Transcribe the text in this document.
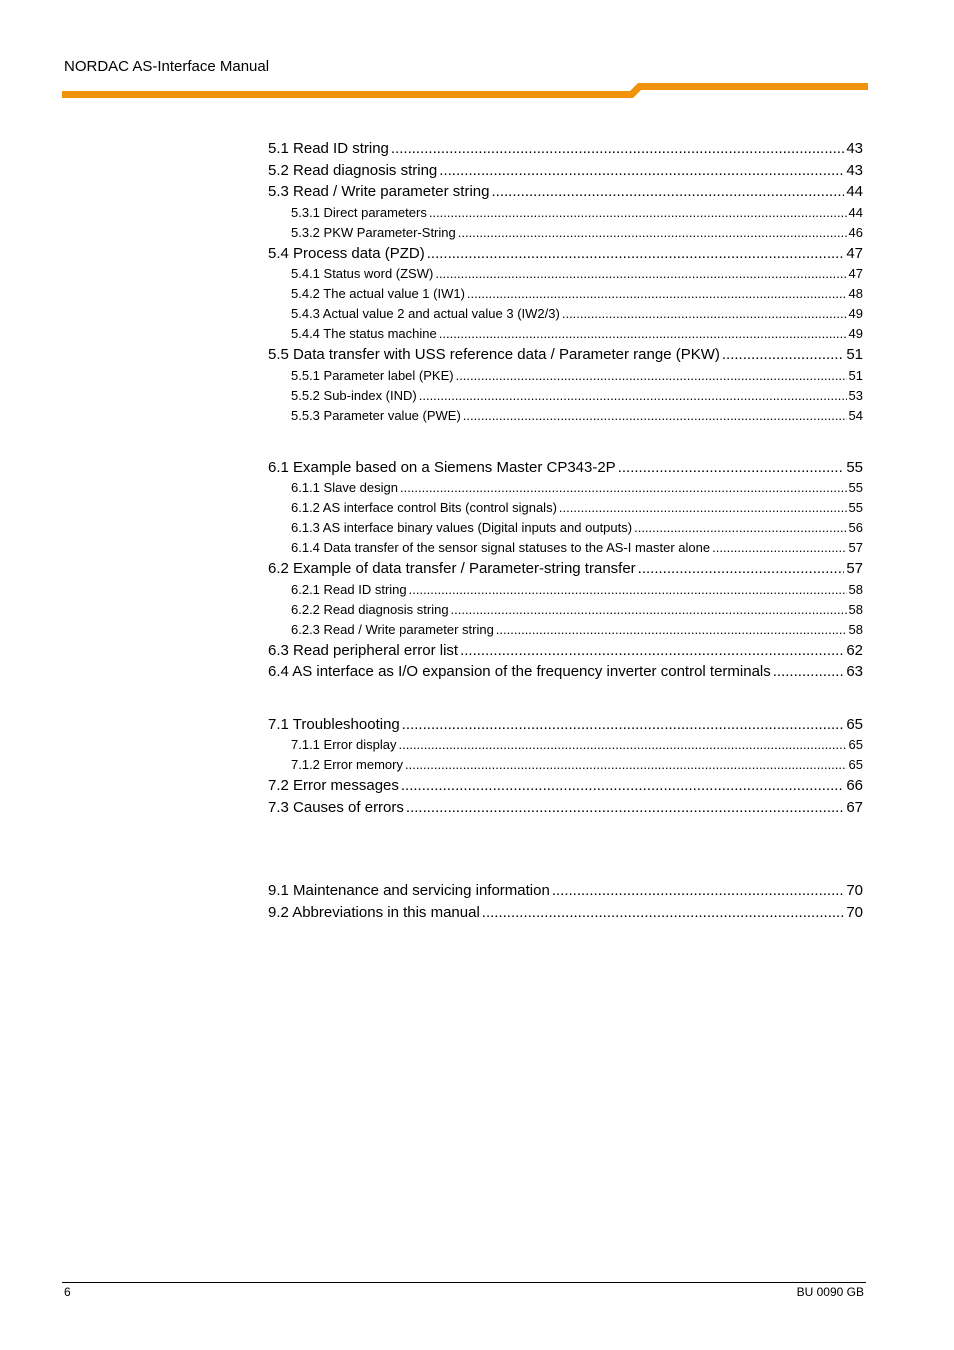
NORDAC AS-Interface Manual
5.1 Read ID string .....	43
5.2 Read diagnosis string .....	43
5.3 Read / Write parameter string .....	44
5.3.1 Direct parameters .....	44
5.3.2 PKW Parameter-String .....	46
5.4 Process data (PZD) .....	47
5.4.1 Status word (ZSW) .....	47
5.4.2 The actual value 1 (IW1) .....	48
5.4.3 Actual value 2 and actual value 3 (IW2/3) .....	49
5.4.4 The status machine .....	49
5.5 Data transfer with USS reference data / Parameter range (PKW) .....	51
5.5.1 Parameter label (PKE) .....	51
5.5.2 Sub-index (IND) .....	53
5.5.3 Parameter value (PWE) .....	54
6.1 Example based on a Siemens Master CP343-2P .....	55
6.1.1 Slave design .....	55
6.1.2 AS interface control Bits (control signals) .....	55
6.1.3 AS interface binary values (Digital inputs and outputs) .....	56
6.1.4 Data transfer of the sensor signal statuses to the AS-I master alone .....	57
6.2 Example of data transfer / Parameter-string transfer .....	57
6.2.1 Read ID string .....	58
6.2.2 Read diagnosis string .....	58
6.2.3 Read / Write parameter string .....	58
6.3 Read peripheral error list .....	62
6.4 AS interface as I/O expansion of the frequency inverter control terminals .....	63
7.1 Troubleshooting .....	65
7.1.1 Error display .....	65
7.1.2 Error memory .....	65
7.2 Error messages .....	66
7.3 Causes of errors .....	67
9.1 Maintenance and servicing information .....	70
9.2 Abbreviations in this manual .....	70
6	BU 0090 GB
